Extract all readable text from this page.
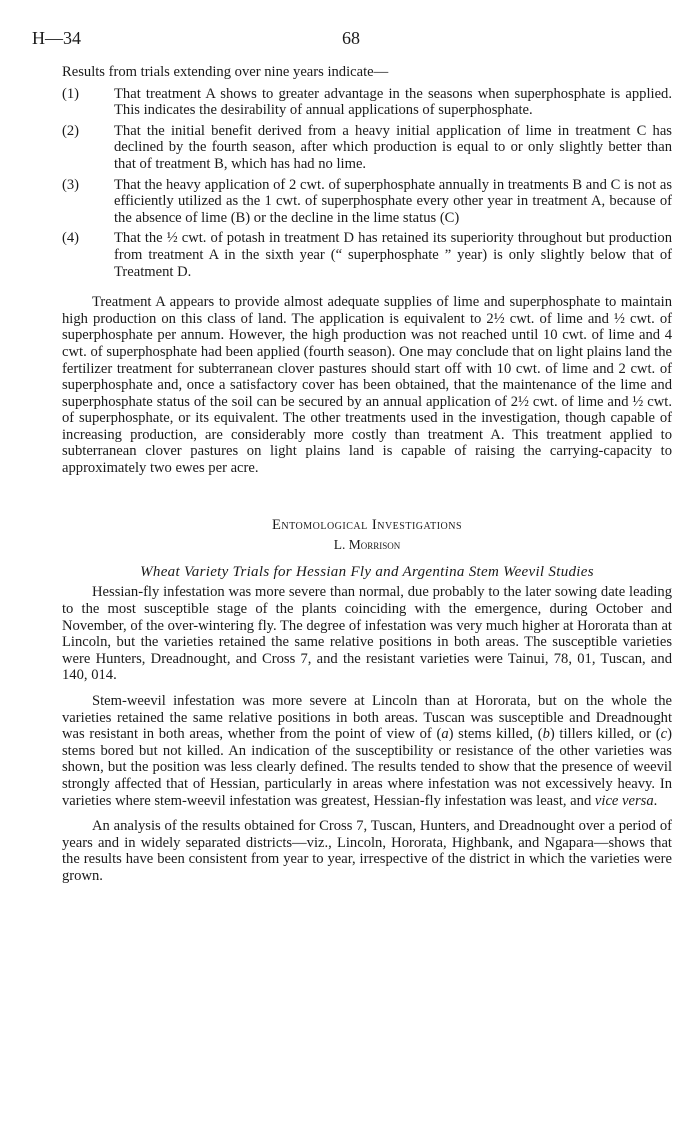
H—34	68

Results from trials extending over nine years indicate—

(1)	That treatment A shows to greater advantage in the seasons when superphosphate is applied. This indicates the desirability of annual applications of superphosphate.
(2)	That the initial benefit derived from a heavy initial application of lime in treatment C has declined by the fourth season, after which production is equal to or only slightly better than that of treatment B, which has had no lime.
(3)	That the heavy application of 2 cwt. of superphosphate annually in treatments B and C is not as efficiently utilized as the 1 cwt. of superphosphate every other year in treatment A, because of the absence of lime (B) or the decline in the lime status (C)
(4)	That the ½ cwt. of potash in treatment D has retained its superiority throughout but production from treatment A in the sixth year (“ superphosphate ” year) is only slightly below that of Treatment D.

Treatment A appears to provide almost adequate supplies of lime and superphosphate to maintain high production on this class of land. The application is equivalent to 2½ cwt. of lime and ½ cwt. of superphosphate per annum. However, the high production was not reached until 10 cwt. of lime and 4 cwt. of superphosphate had been applied (fourth season). One may conclude that on light plains land the fertilizer treatment for subterranean clover pastures should start off with 10 cwt. of lime and 2 cwt. of superphosphate and, once a satisfactory cover has been obtained, that the maintenance of the lime and superphosphate status of the soil can be secured by an annual application of 2½ cwt. of lime and ½ cwt. of superphosphate, or its equivalent. The other treatments used in the investigation, though capable of increasing production, are considerably more costly than treatment A. This treatment applied to subterranean clover pastures on light plains land is capable of raising the carrying-capacity to approximately two ewes per acre.

Entomological Investigations
L. Morrison
Wheat Variety Trials for Hessian Fly and Argentina Stem Weevil Studies

Hessian-fly infestation was more severe than normal, due probably to the later sowing date leading to the most susceptible stage of the plants coinciding with the emergence, during October and November, of the over-wintering fly. The degree of infestation was very much higher at Hororata than at Lincoln, but the varieties retained the same relative positions in both areas. The susceptible varieties were Hunters, Dreadnought, and Cross 7, and the resistant varieties were Tainui, 78, 01, Tuscan, and 140, 014.

Stem-weevil infestation was more severe at Lincoln than at Hororata, but on the whole the varieties retained the same relative positions in both areas. Tuscan was susceptible and Dreadnought was resistant in both areas, whether from the point of view of (a) stems killed, (b) tillers killed, or (c) stems bored but not killed. An indication of the susceptibility or resistance of the other varieties was shown, but the position was less clearly defined. The results tended to show that the presence of weevil strongly affected that of Hessian, particularly in areas where infestation was not excessively heavy. In varieties where stem-weevil infestation was greatest, Hessian-fly infestation was least, and vice versa.

An analysis of the results obtained for Cross 7, Tuscan, Hunters, and Dreadnought over a period of years and in widely separated districts—viz., Lincoln, Hororata, Highbank, and Ngapara—shows that the results have been consistent from year to year, irrespective of the district in which the varieties were grown.
